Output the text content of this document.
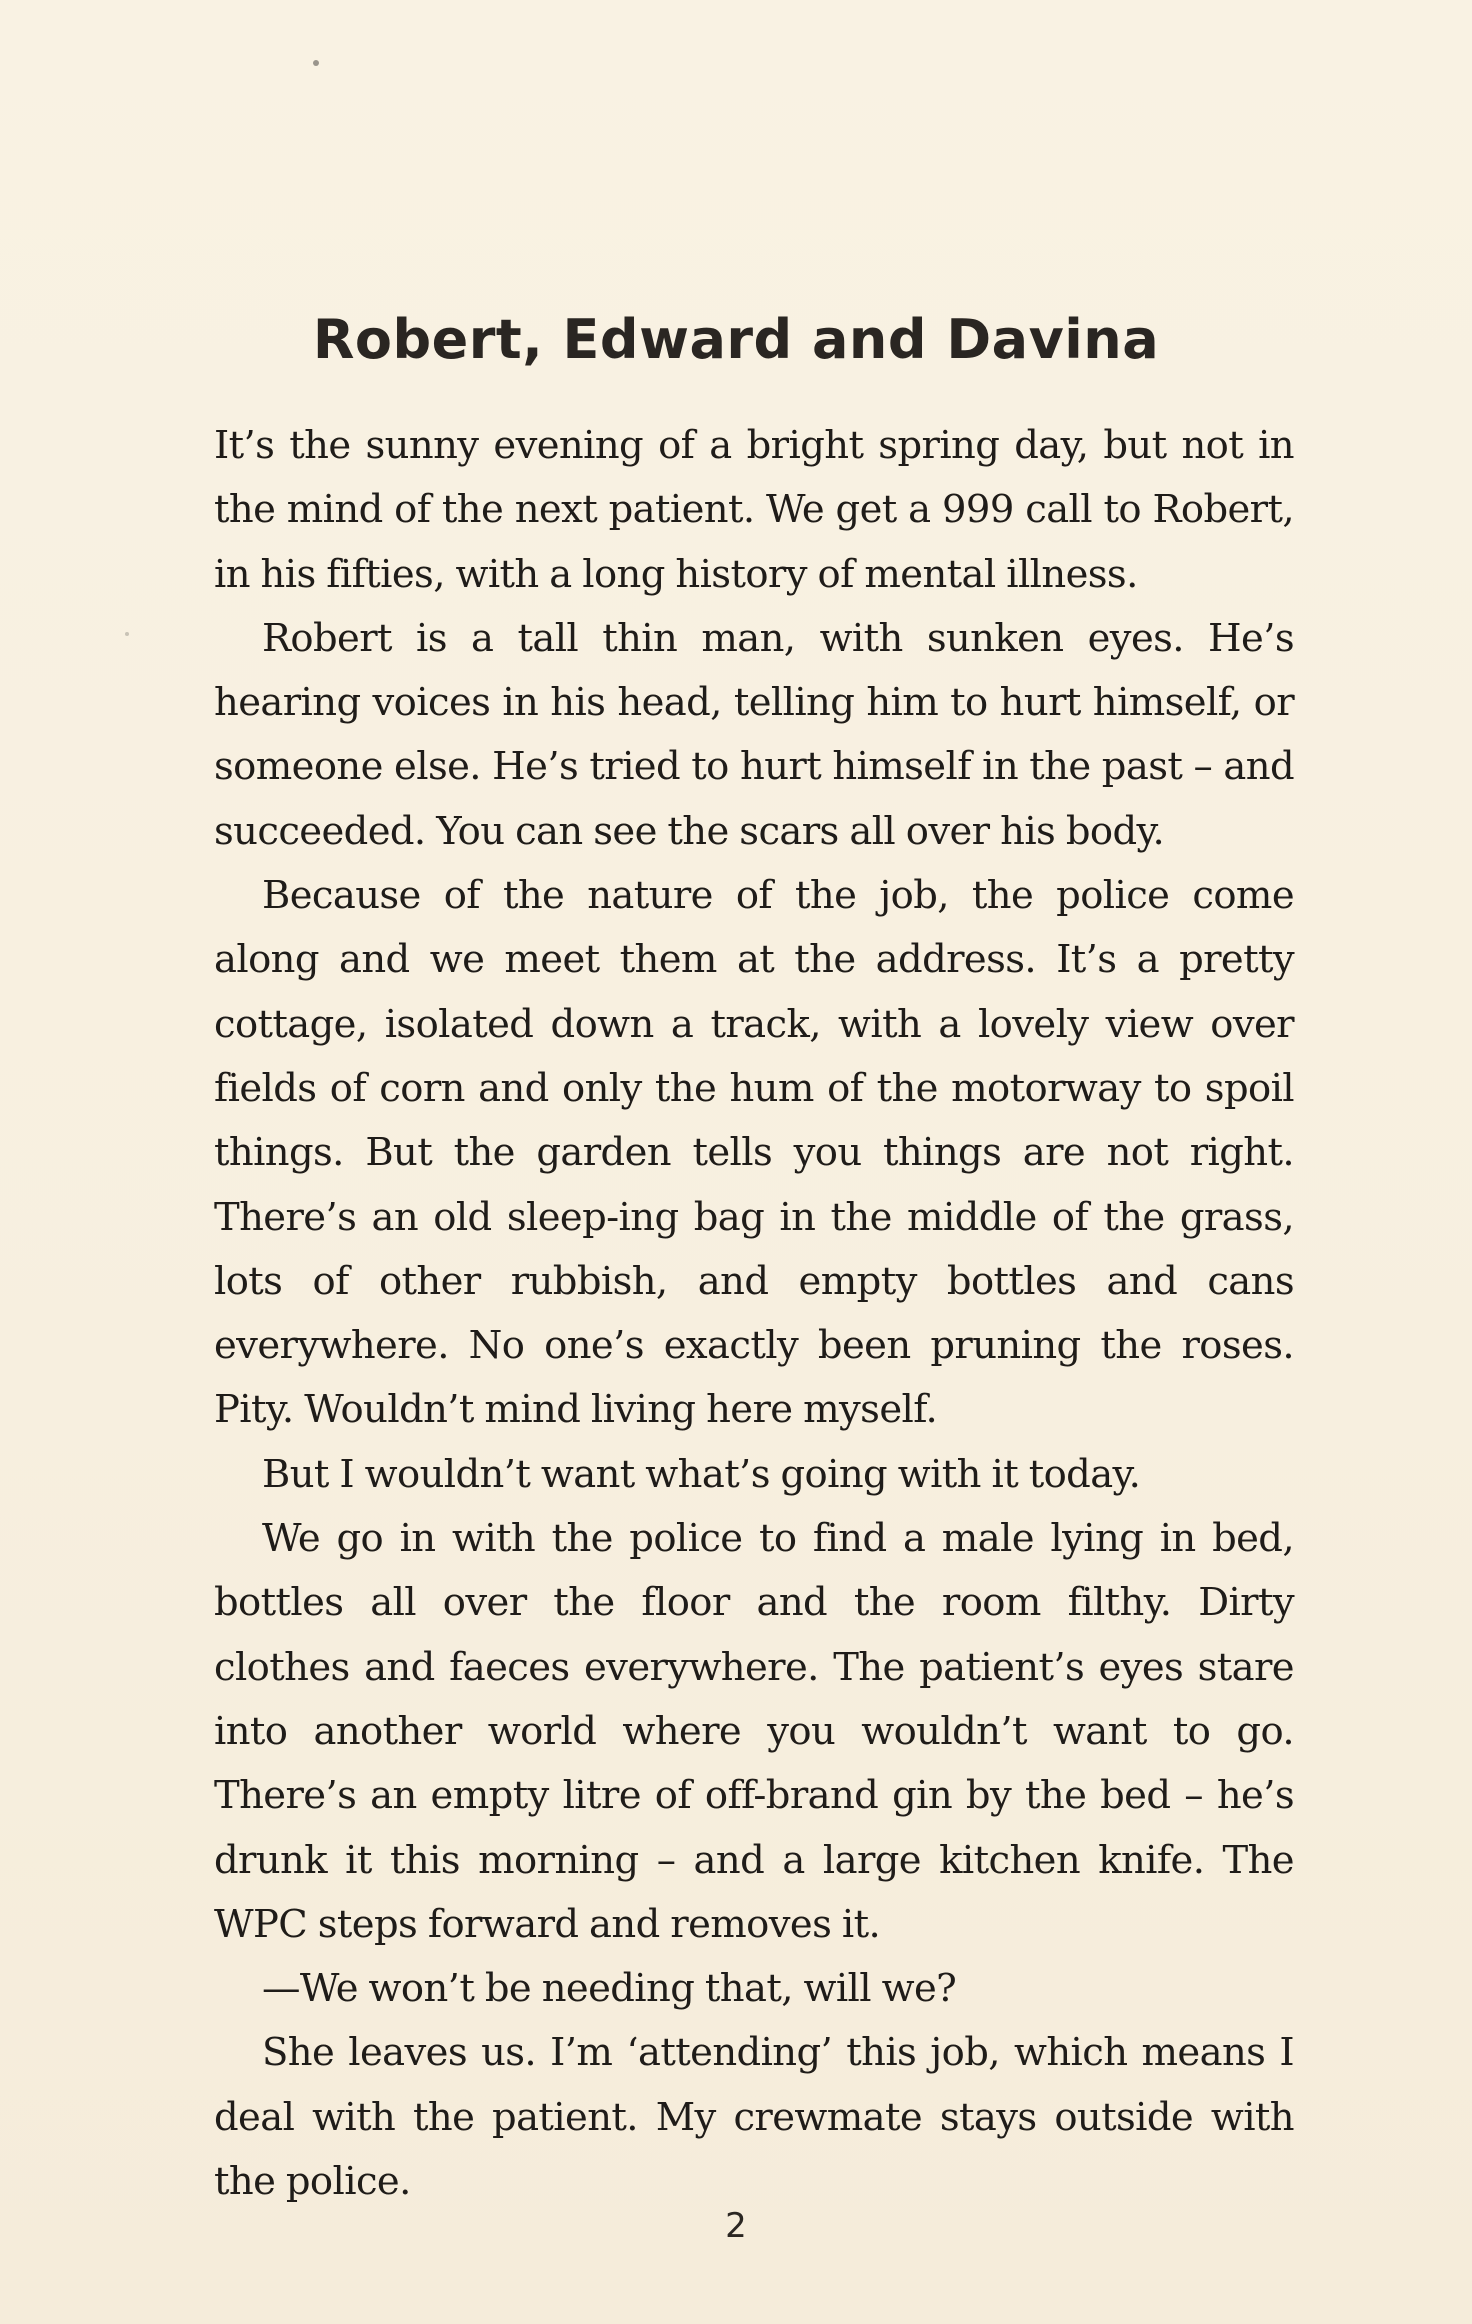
Robert, Edward and Davina

It’s the sunny evening of a bright spring day, but not in the mind of the next patient. We get a 999 call to Robert, in his fifties, with a long history of mental illness.

Robert is a tall thin man, with sunken eyes. He’s hearing voices in his head, telling him to hurt himself, or someone else. He’s tried to hurt himself in the past – and succeeded. You can see the scars all over his body.

Because of the nature of the job, the police come along and we meet them at the address. It’s a pretty cottage, isolated down a track, with a lovely view over fields of corn and only the hum of the motorway to spoil things. But the garden tells you things are not right. There’s an old sleep-ing bag in the middle of the grass, lots of other rubbish, and empty bottles and cans everywhere. No one’s exactly been pruning the roses. Pity. Wouldn’t mind living here myself.

But I wouldn’t want what’s going with it today.

We go in with the police to find a male lying in bed, bottles all over the floor and the room filthy. Dirty clothes and faeces everywhere. The patient’s eyes stare into another world where you wouldn’t want to go. There’s an empty litre of off-brand gin by the bed – he’s drunk it this morning – and a large kitchen knife. The WPC steps forward and removes it.

—We won’t be needing that, will we?

She leaves us. I’m ‘attending’ this job, which means I deal with the patient. My crewmate stays outside with the police.

2
